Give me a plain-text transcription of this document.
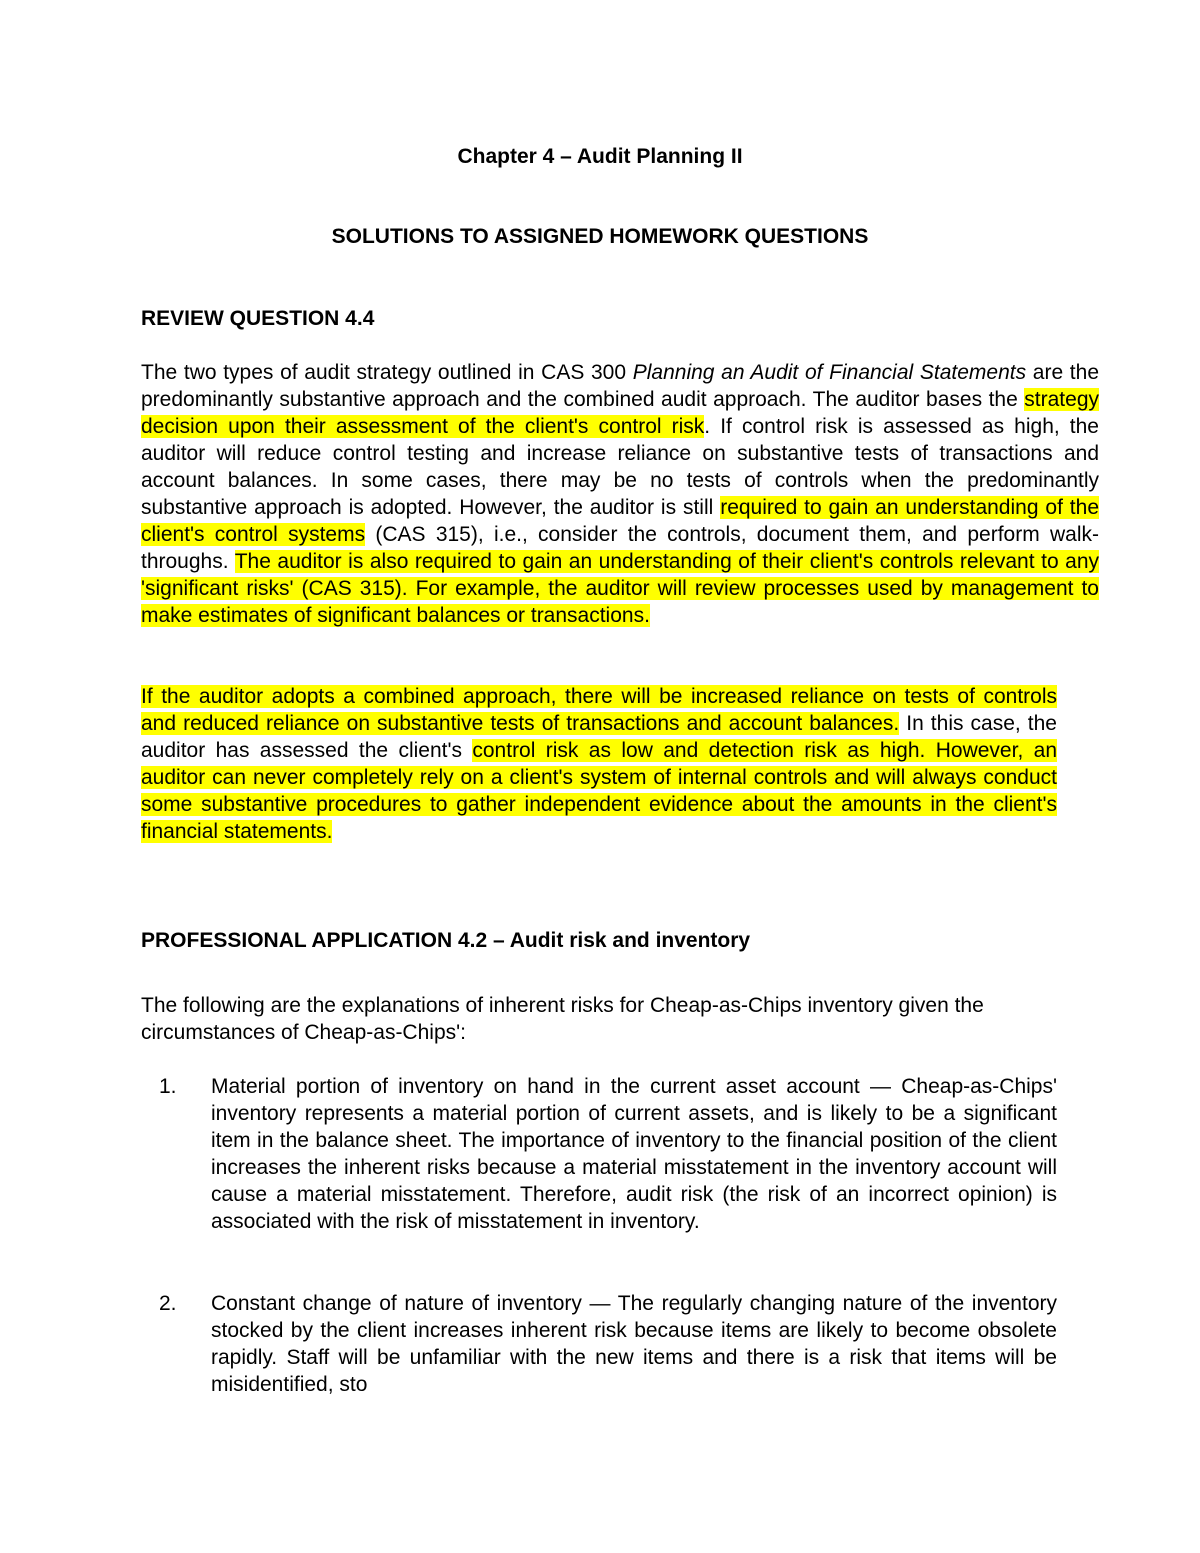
Chapter 4 – Audit Planning II
SOLUTIONS TO ASSIGNED HOMEWORK QUESTIONS
REVIEW QUESTION 4.4
The two types of audit strategy outlined in CAS 300 Planning an Audit of Financial Statements are the predominantly substantive approach and the combined audit approach. The auditor bases the strategy decision upon their assessment of the client's control risk. If control risk is assessed as high, the auditor will reduce control testing and increase reliance on substantive tests of transactions and account balances. In some cases, there may be no tests of controls when the predominantly substantive approach is adopted. However, the auditor is still required to gain an understanding of the client's control systems (CAS 315), i.e., consider the controls, document them, and perform walk-throughs. The auditor is also required to gain an understanding of their client's controls relevant to any 'significant risks' (CAS 315). For example, the auditor will review processes used by management to make estimates of significant balances or transactions.
If the auditor adopts a combined approach, there will be increased reliance on tests of controls and reduced reliance on substantive tests of transactions and account balances. In this case, the auditor has assessed the client's control risk as low and detection risk as high. However, an auditor can never completely rely on a client's system of internal controls and will always conduct some substantive procedures to gather independent evidence about the amounts in the client's financial statements.
PROFESSIONAL APPLICATION 4.2 – Audit risk and inventory
The following are the explanations of inherent risks for Cheap-as-Chips inventory given the circumstances of Cheap-as-Chips':
1. Material portion of inventory on hand in the current asset account — Cheap-as-Chips' inventory represents a material portion of current assets, and is likely to be a significant item in the balance sheet. The importance of inventory to the financial position of the client increases the inherent risks because a material misstatement in the inventory account will cause a material misstatement. Therefore, audit risk (the risk of an incorrect opinion) is associated with the risk of misstatement in inventory.
2. Constant change of nature of inventory — The regularly changing nature of the inventory stocked by the client increases inherent risk because items are likely to become obsolete rapidly. Staff will be unfamiliar with the new items and there is a risk that items will be misidentified, sto
